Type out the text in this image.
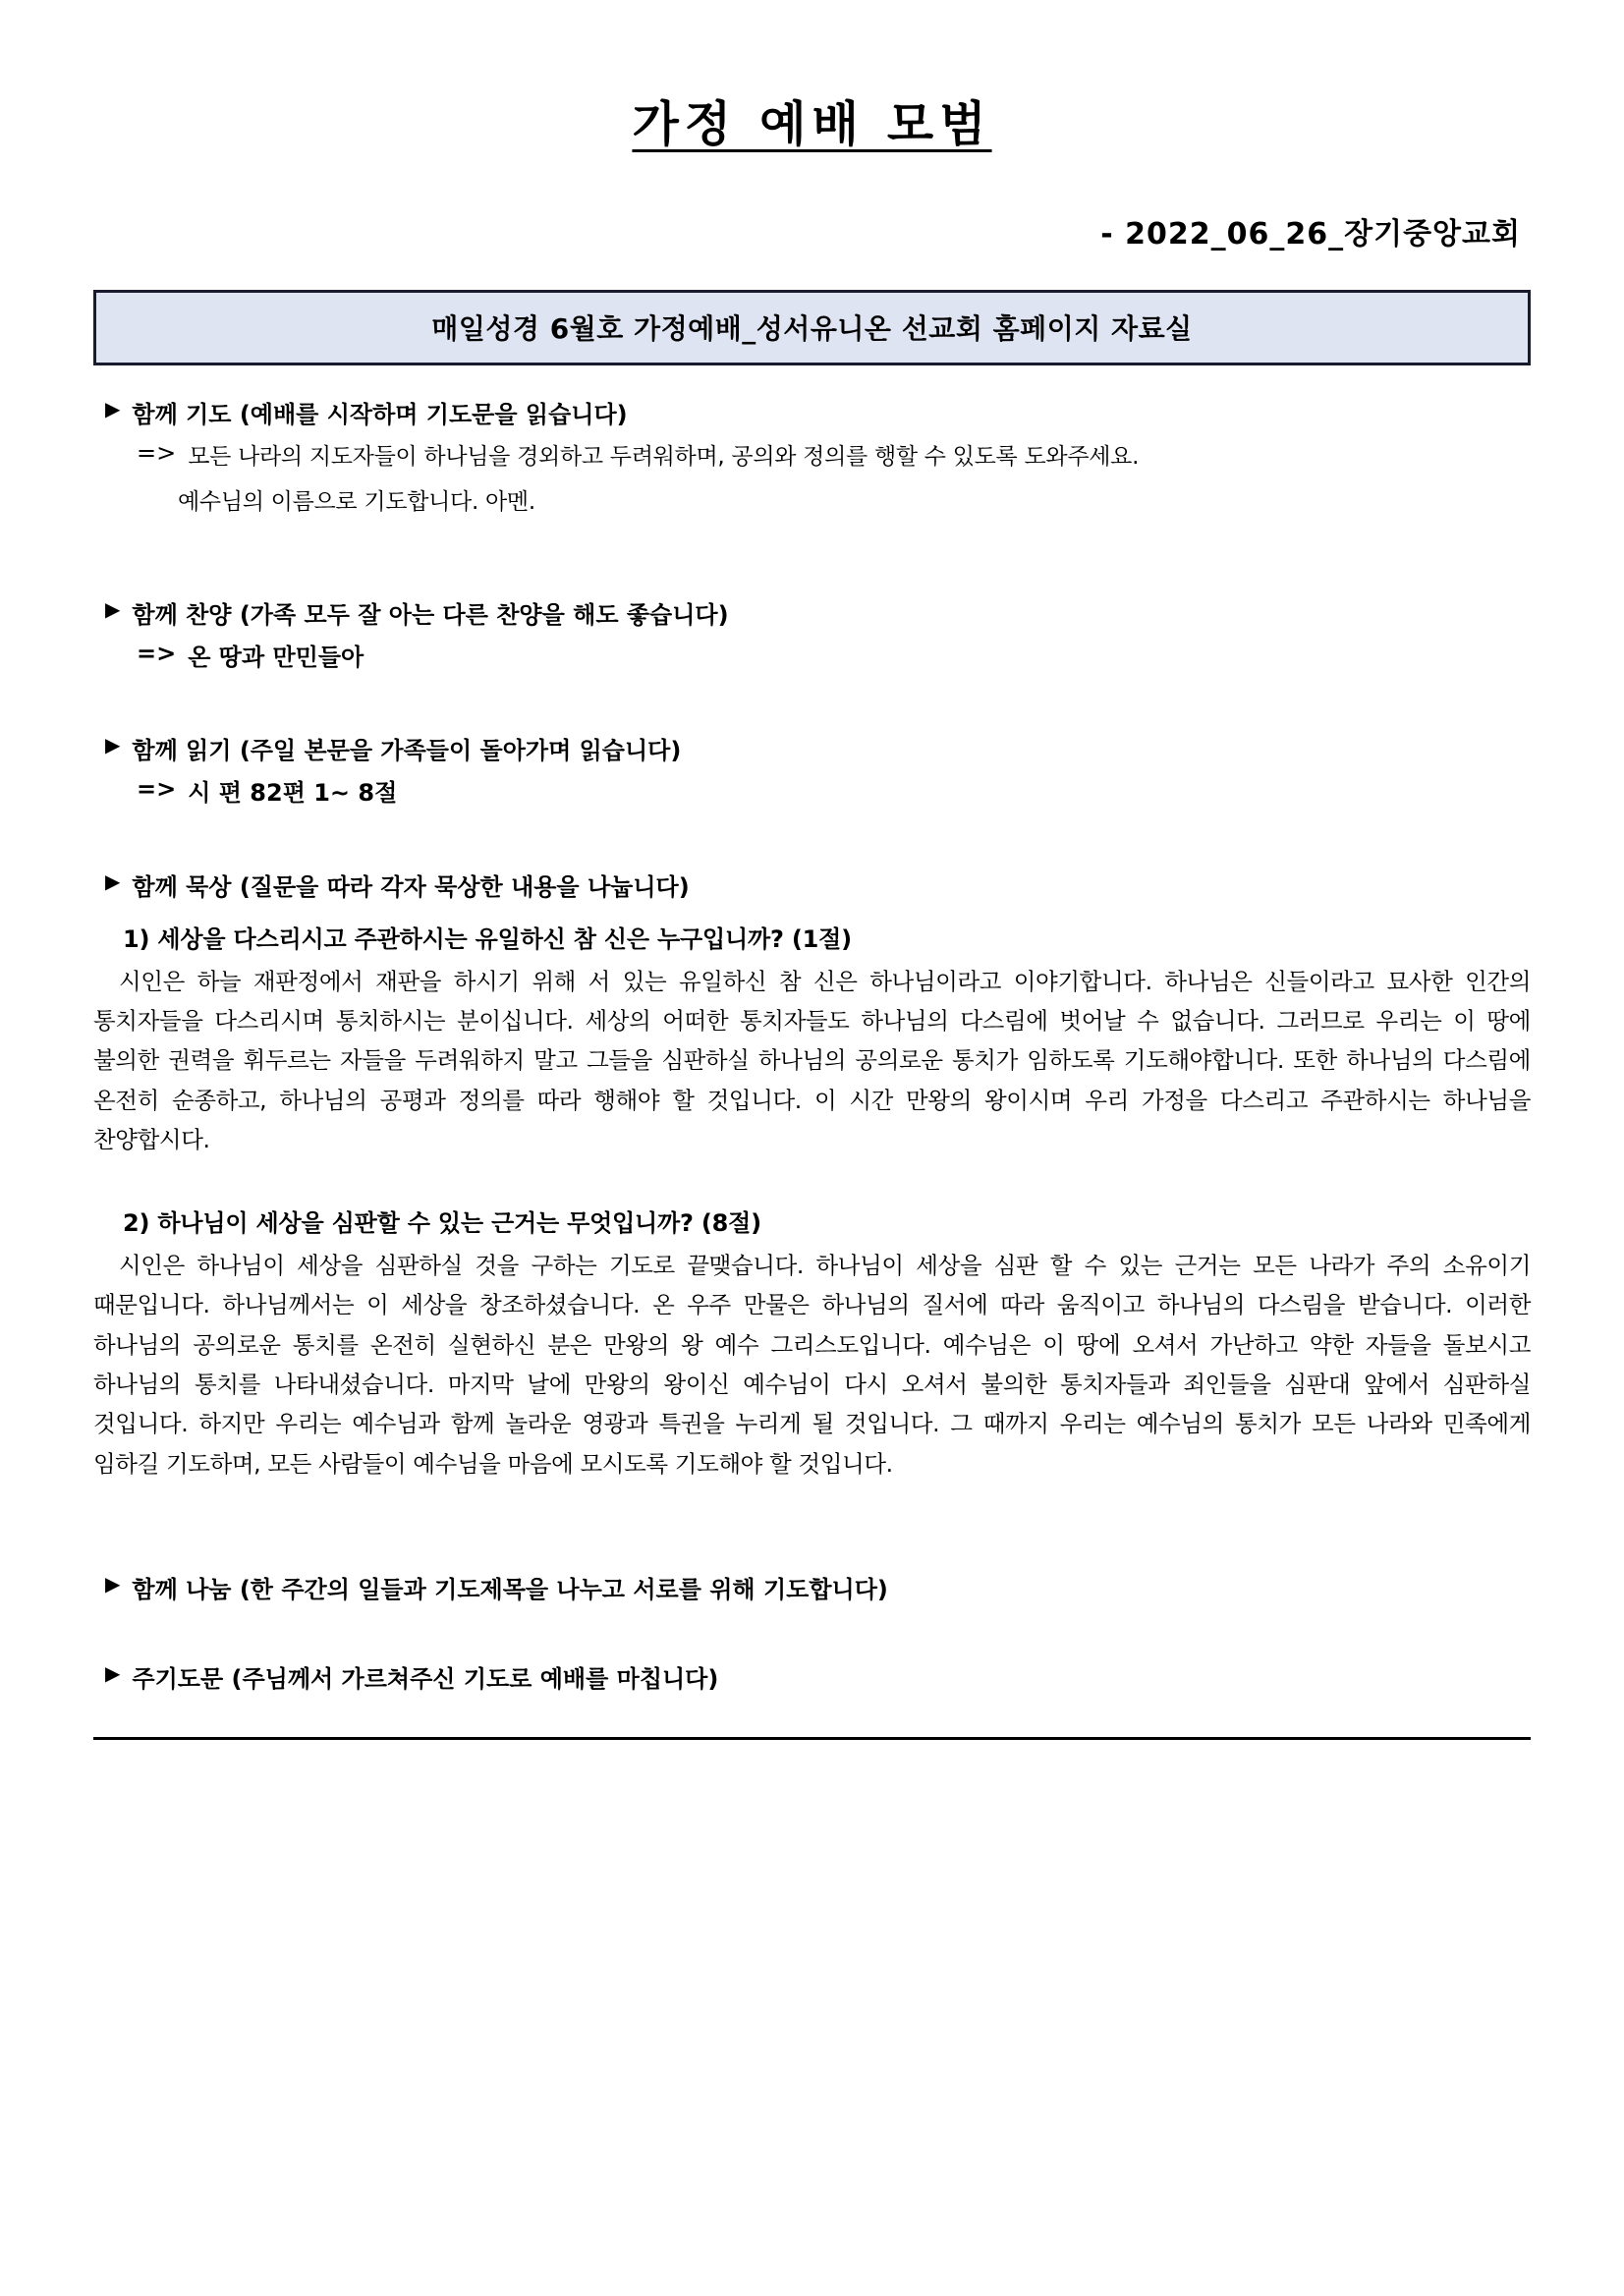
가정 예배 모범
- 2022_06_26_장기중앙교회
매일성경 6월호 가정예배_성서유니온 선교회 홈페이지 자료실
▶ 함께 기도 (예배를 시작하며 기도문을 읽습니다)
=> 모든 나라의 지도자들이 하나님을 경외하고 두려워하며, 공의와 정의를 행할 수 있도록 도와주세요.
예수님의 이름으로 기도합니다. 아멘.
▶ 함께 찬양 (가족 모두 잘 아는 다른 찬양을 해도 좋습니다)
=> 온 땅과 만민들아
▶ 함께 읽기 (주일 본문을 가족들이 돌아가며 읽습니다)
=> 시 편 82편 1~ 8절
▶ 함께 묵상 (질문을 따라 각자 묵상한 내용을 나눕니다)
1) 세상을 다스리시고 주관하시는 유일하신 참 신은 누구입니까? (1절)
시인은 하늘 재판정에서 재판을 하시기 위해 서 있는 유일하신 참 신은 하나님이라고 이야기합니다. 하나님은 신들이라고 묘사한 인간의 통치자들을 다스리시며 통치하시는 분이십니다. 세상의 어떠한 통치자들도 하나님의 다스림에 벗어날 수 없습니다. 그러므로 우리는 이 땅에 불의한 권력을 휘두르는 자들을 두려워하지 말고 그들을 심판하실 하나님의 공의로운 통치가 임하도록 기도해야합니다. 또한 하나님의 다스림에 온전히 순종하고, 하나님의 공평과 정의를 따라 행해야 할 것입니다. 이 시간 만왕의 왕이시며 우리 가정을 다스리고 주관하시는 하나님을 찬양합시다.
2) 하나님이 세상을 심판할 수 있는 근거는 무엇입니까? (8절)
시인은 하나님이 세상을 심판하실 것을 구하는 기도로 끝맺습니다. 하나님이 세상을 심판 할 수 있는 근거는 모든 나라가 주의 소유이기 때문입니다. 하나님께서는 이 세상을 창조하셨습니다. 온 우주 만물은 하나님의 질서에 따라 움직이고 하나님의 다스림을 받습니다. 이러한 하나님의 공의로운 통치를 온전히 실현하신 분은 만왕의 왕 예수 그리스도입니다. 예수님은 이 땅에 오셔서 가난하고 약한 자들을 돌보시고 하나님의 통치를 나타내셨습니다. 마지막 날에 만왕의 왕이신 예수님이 다시 오셔서 불의한 통치자들과 죄인들을 심판대 앞에서 심판하실 것입니다. 하지만 우리는 예수님과 함께 놀라운 영광과 특권을 누리게 될 것입니다. 그 때까지 우리는 예수님의 통치가 모든 나라와 민족에게 임하길 기도하며, 모든 사람들이 예수님을 마음에 모시도록 기도해야 할 것입니다.
▶ 함께 나눔 (한 주간의 일들과 기도제목을 나누고 서로를 위해 기도합니다)
▶ 주기도문 (주님께서 가르쳐주신 기도로 예배를 마칩니다)
